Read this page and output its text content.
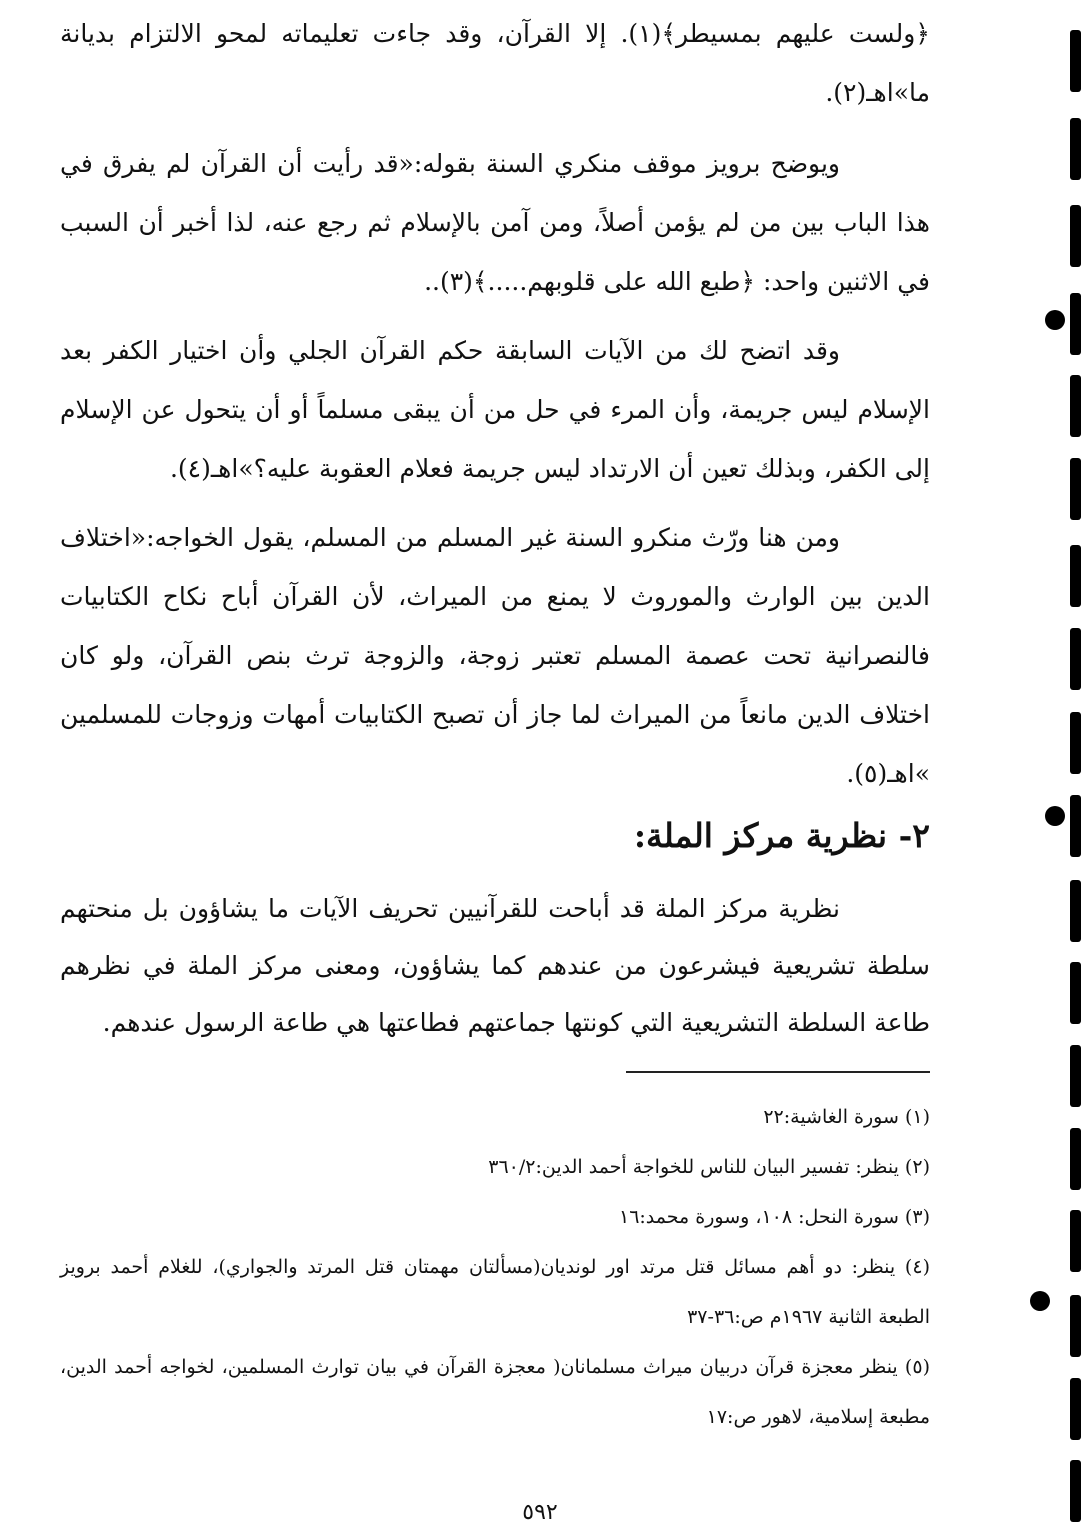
﴿ولست عليهم بمسيطر﴾(١). إلا القرآن، وقد جاءت تعليماته لمحو الالتزام بديانة ما»اهـ(٢).

ويوضح برويز موقف منكري السنة بقوله:«قد رأيت أن القرآن لم يفرق في هذا الباب بين من لم يؤمن أصلاً، ومن آمن بالإسلام ثم رجع عنه، لذا أخبر أن السبب في الاثنين واحد: ﴿طبع الله على قلوبهم.....﴾(٣)..

وقد اتضح لك من الآيات السابقة حكم القرآن الجلي وأن اختيار الكفر بعد الإسلام ليس جريمة، وأن المرء في حل من أن يبقى مسلماً أو أن يتحول عن الإسلام إلى الكفر، وبذلك تعين أن الارتداد ليس جريمة فعلام العقوبة عليه؟»اهـ(٤).

ومن هنا ورّث منكرو السنة غير المسلم من المسلم، يقول الخواجه:«اختلاف الدين بين الوارث والموروث لا يمنع من الميراث، لأن القرآن أباح نكاح الكتابيات فالنصرانية تحت عصمة المسلم تعتبر زوجة، والزوجة ترث بنص القرآن، ولو كان اختلاف الدين مانعاً من الميراث لما جاز أن تصبح الكتابيات أمهات وزوجات للمسلمين »اهـ(٥).

٢- نظرية مركز الملة:

نظرية مركز الملة قد أباحت للقرآنيين تحريف الآيات ما يشاؤون بل منحتهم سلطة تشريعية فيشرعون من عندهم كما يشاؤون، ومعنى مركز الملة في نظرهم طاعة السلطة التشريعية التي كونتها جماعتهم فطاعتها هي طاعة الرسول عندهم.

(١) سورة الغاشية:٢٢

(٢) ينظر: تفسير البيان للناس للخواجة أحمد الدين:٣٦٠/٢

(٣) سورة النحل: ١٠٨، وسورة محمد:١٦

(٤) ينظر: دو أهم مسائل قتل مرتد اور لونديان(مسألتان مهمتان قتل المرتد والجواري)، للغلام أحمد برويز الطبعة الثانية ١٩٦٧م ص:٣٦-٣٧

(٥) ينظر معجزة قرآن دربيان ميراث مسلمانان( معجزة القرآن في بيان توارث المسلمين، لخواجه أحمد الدين، مطبعة إسلامية، لاهور ص:١٧

٥٩٢
